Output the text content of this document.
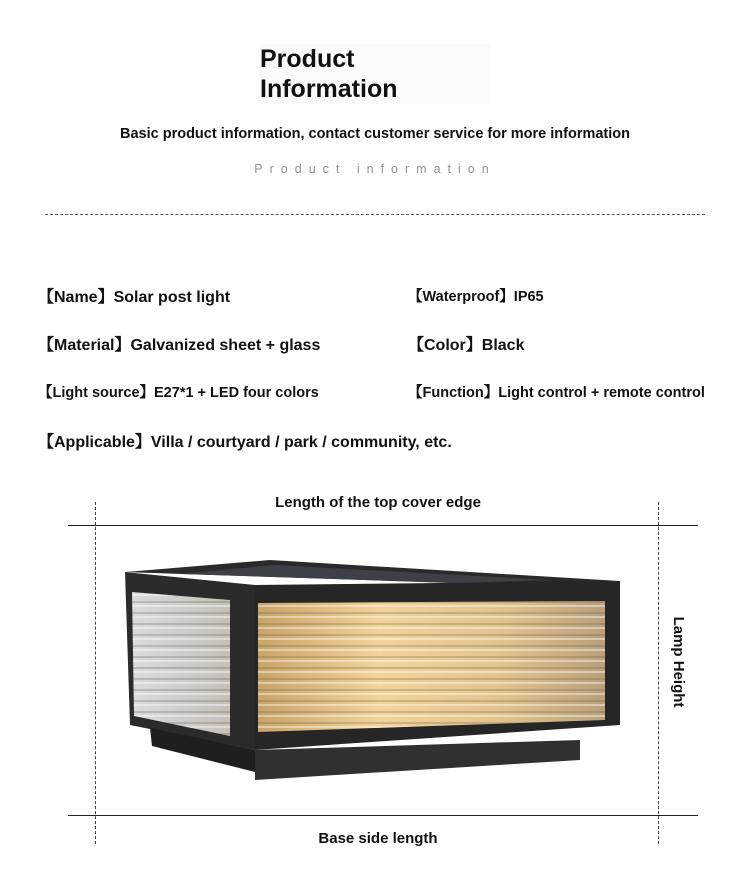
Product
Information
Basic product information, contact customer service for more information
Product information
【Name】Solar post light	【Waterproof】IP65
【Material】Galvanized sheet + glass	【Color】Black
【Light source】E27*1 + LED four colors	【Function】Light control + remote control
【Applicable】Villa / courtyard / park / community, etc.
Length of the top cover edge
Lamp Height
Base side length
